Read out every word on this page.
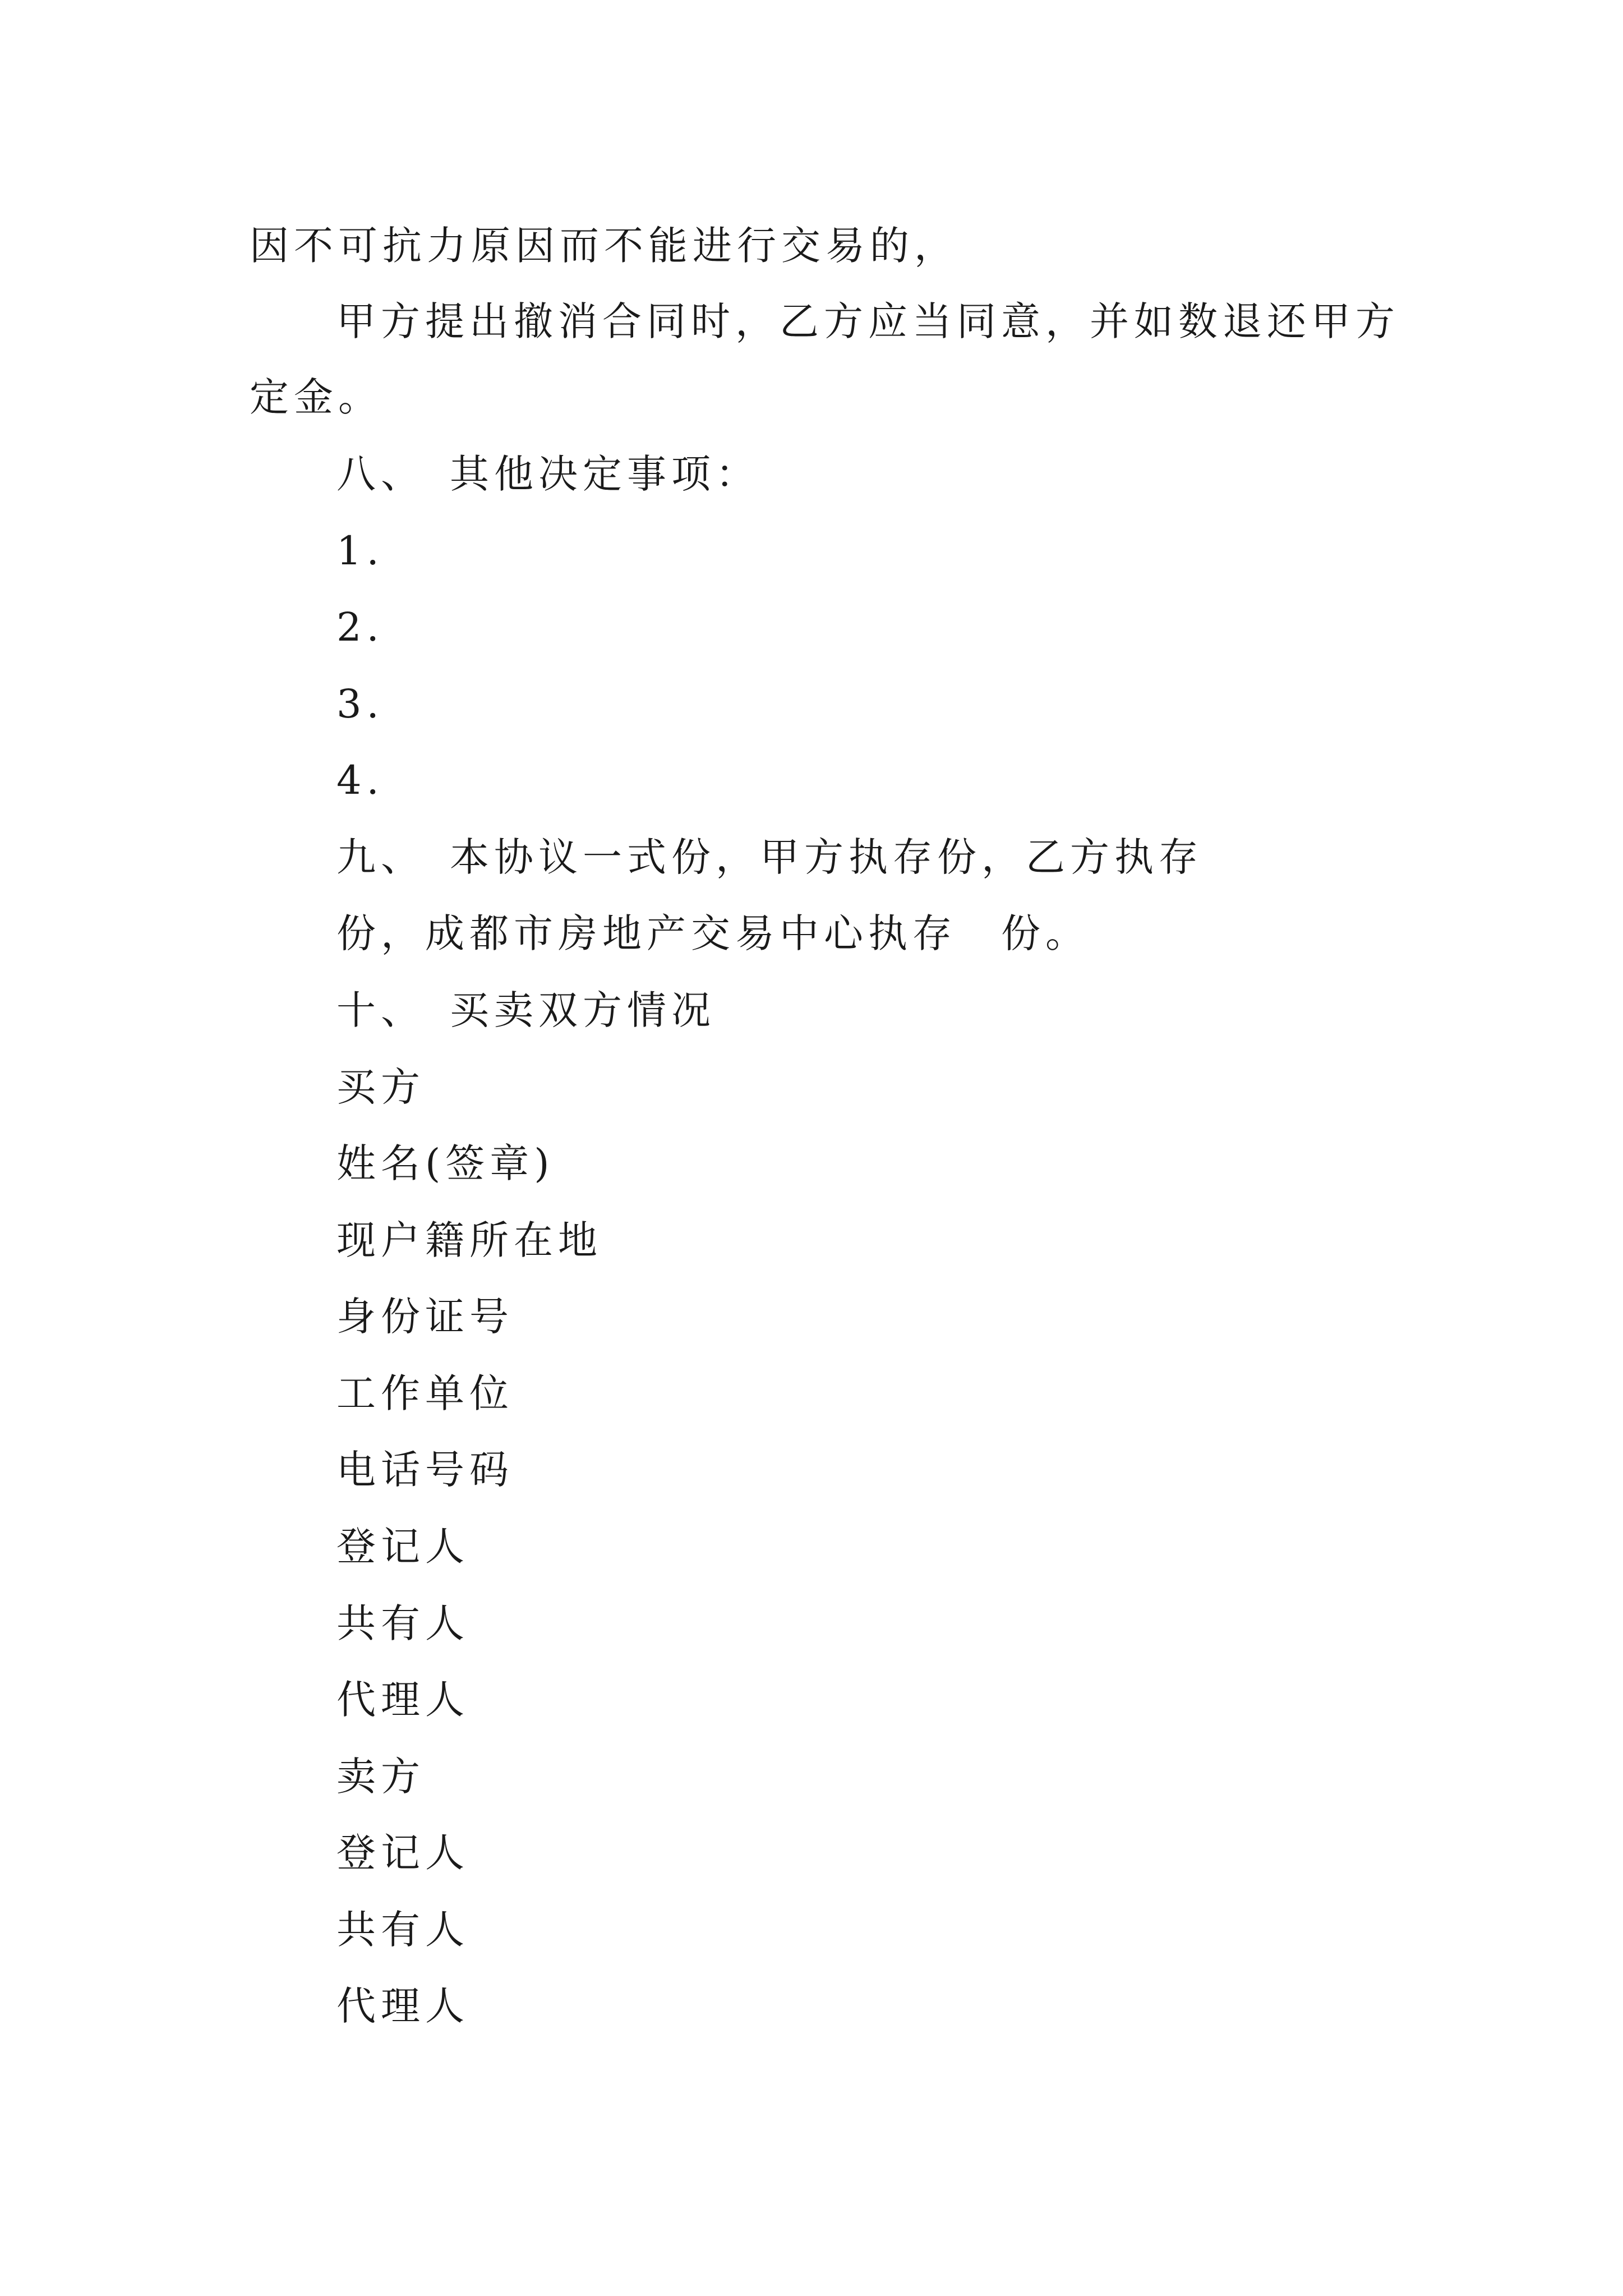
因不可抗力原因而不能进行交易的，
甲方提出撤消合同时，乙方应当同意，并如数退还甲方
定金。
八、　其他决定事项：
1.
2.
3.
4.
九、　本协议一式份，甲方执存份，乙方执存
份，成都市房地产交易中心执存　份。
十、　买卖双方情况
买方
姓名(签章)
现户籍所在地
身份证号
工作单位
电话号码
登记人
共有人
代理人
卖方
登记人
共有人
代理人
